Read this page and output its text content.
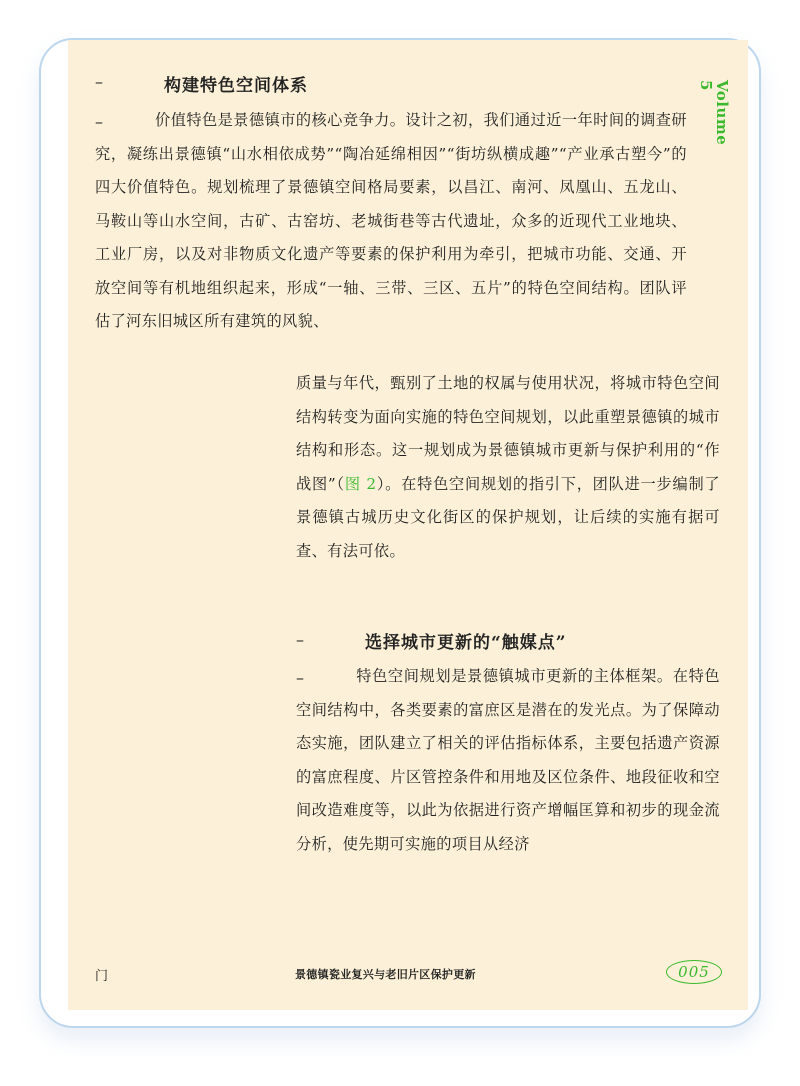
–	构建特色空间体系
–	价值特色是景德镇市的核心竞争力。设计之初，我们通过近一年时间的调查研究，凝练出景德镇“山水相依成势”“陶冶延绵相因”“街坊纵横成趣”“产业承古塑今”的四大价值特色。规划梳理了景德镇空间格局要素，以昌江、南河、凤凰山、五龙山、马鞍山等山水空间，古矿、古窑坊、老城街巷等古代遗址，众多的近现代工业地块、工业厂房，以及对非物质文化遗产等要素的保护利用为牵引，把城市功能、交通、开放空间等有机地组织起来，形成“一轴、三带、三区、五片”的特色空间结构。团队评估了河东旧城区所有建筑的风貌、

质量与年代，甄别了土地的权属与使用状况，将城市特色空间结构转变为面向实施的特色空间规划，以此重塑景德镇的城市结构和形态。这一规划成为景德镇城市更新与保护利用的“作战图”（图 2）。在特色空间规划的指引下，团队进一步编制了景德镇古城历史文化街区的保护规划，让后续的实施有据可查、有法可依。

–	选择城市更新的“触媒点”
–	特色空间规划是景德镇城市更新的主体框架。在特色空间结构中，各类要素的富庶区是潜在的发光点。为了保障动态实施，团队建立了相关的评估指标体系，主要包括遗产资源的富庶程度、片区管控条件和用地及区位条件、地段征收和空间改造难度等，以此为依据进行资产增幅匡算和初步的现金流分析，使先期可实施的项目从经济

Volume
5
门	景德镇瓷业复兴与老旧片区保护更新	005
